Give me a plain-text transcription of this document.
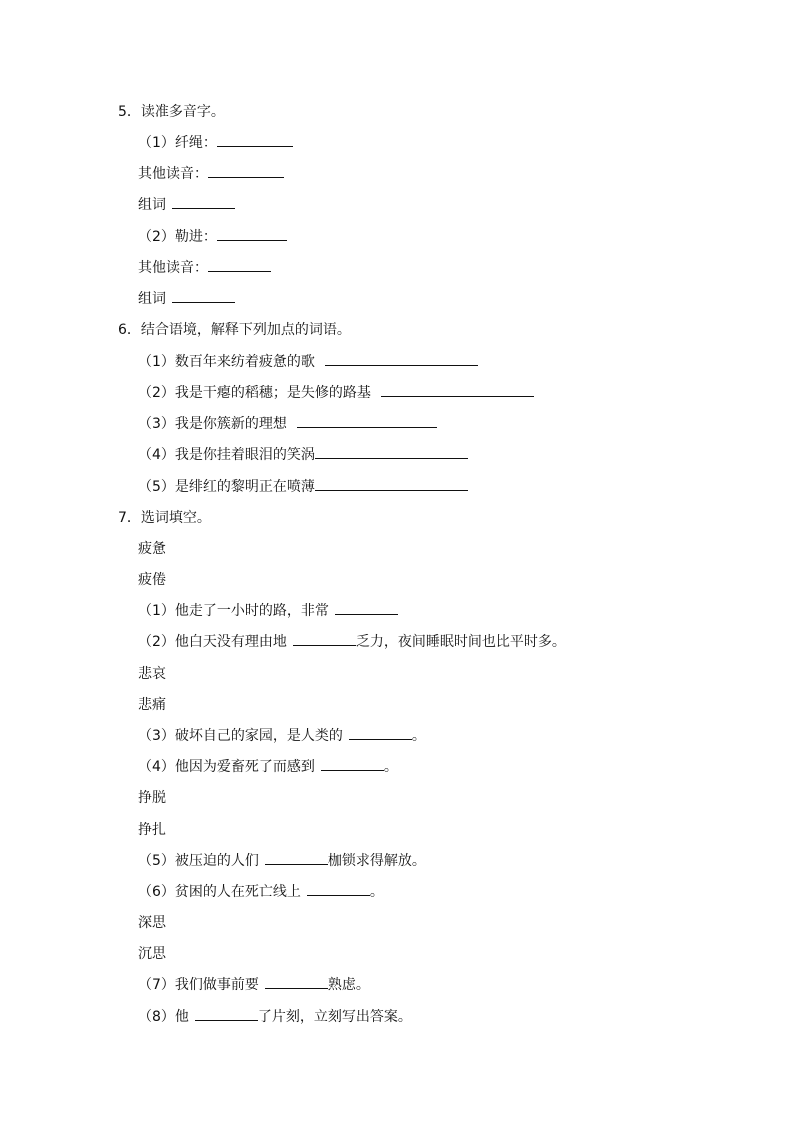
5．读准多音字。
（1）纤绳：
其他读音：
组词
（2）勒进：
其他读音：
组词
6．结合语境，解释下列加点的词语。
（1）数百年来纺着疲惫的歌
（2）我是干瘪的稻穗；是失修的路基
（3）我是你簇新的理想
（4）我是你挂着眼泪的笑涡
（5）是绯红的黎明正在喷薄
7．选词填空。
疲惫
疲倦
（1）他走了一小时的路，非常
（2）他白天没有理由地	乏力，夜间睡眠时间也比平时多。
悲哀
悲痛
（3）破坏自己的家园，是人类的	。
（4）他因为爱畜死了而感到	。
挣脱
挣扎
（5）被压迫的人们	枷锁求得解放。
（6）贫困的人在死亡线上	。
深思
沉思
（7）我们做事前要	熟虑。
（8）他	了片刻，立刻写出答案。
